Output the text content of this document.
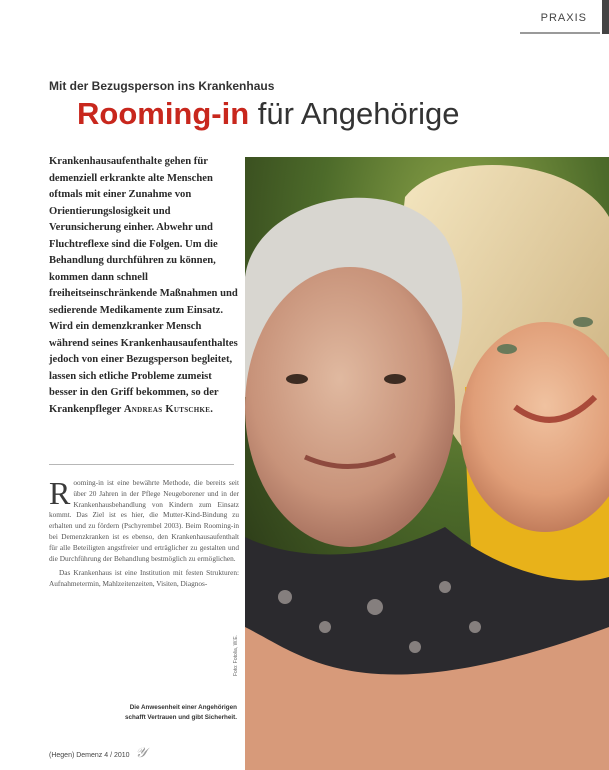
PRAXIS
Mit der Bezugsperson ins Krankenhaus
Rooming-in für Angehörige
Krankenhausaufenthalte gehen für demenziell erkrankte alte Menschen oftmals mit einer Zunahme von Orientierungslosigkeit und Verunsicherung einher. Abwehr und Fluchtreflexe sind die Folgen. Um die Behandlung durchführen zu können, kommen dann schnell freiheitseinschränkende Maßnahmen und sedierende Medikamente zum Einsatz. Wird ein demenzkranker Mensch während seines Krankenhausaufenthaltes jedoch von einer Bezugsperson begleitet, lassen sich etliche Probleme zumeist besser in den Griff bekommen, so der Krankenpfleger Andreas Kutschke.

Rooming-in ist eine bewährte Methode, die bereits seit über 20 Jahren in der Pflege Neugeborener und in der Krankenhausbehandlung von Kindern zum Einsatz kommt. Das Ziel ist es hier, die Mutter-Kind-Bindung zu erhalten und zu fördern (Pschyrembel 2003). Beim Rooming-in bei Demenzkranken ist es ebenso, den Krankenhausaufenthalt für alle Beteiligten angstfreier und erträglicher zu gestalten und die Durchführung der Behandlung bestmöglich zu ermöglichen.

Das Krankenhaus ist eine Institution mit festen Strukturen: Aufnahmetermin, Mahlzeitenzeiten, Visiten, Diagnos-

Die Anwesenheit einer Angehörigen
schafft Vertrauen und gibt Sicherheit.
Foto: Fotolia, W.E.
(Hegen) Demenz 4 / 2010 𝒴
